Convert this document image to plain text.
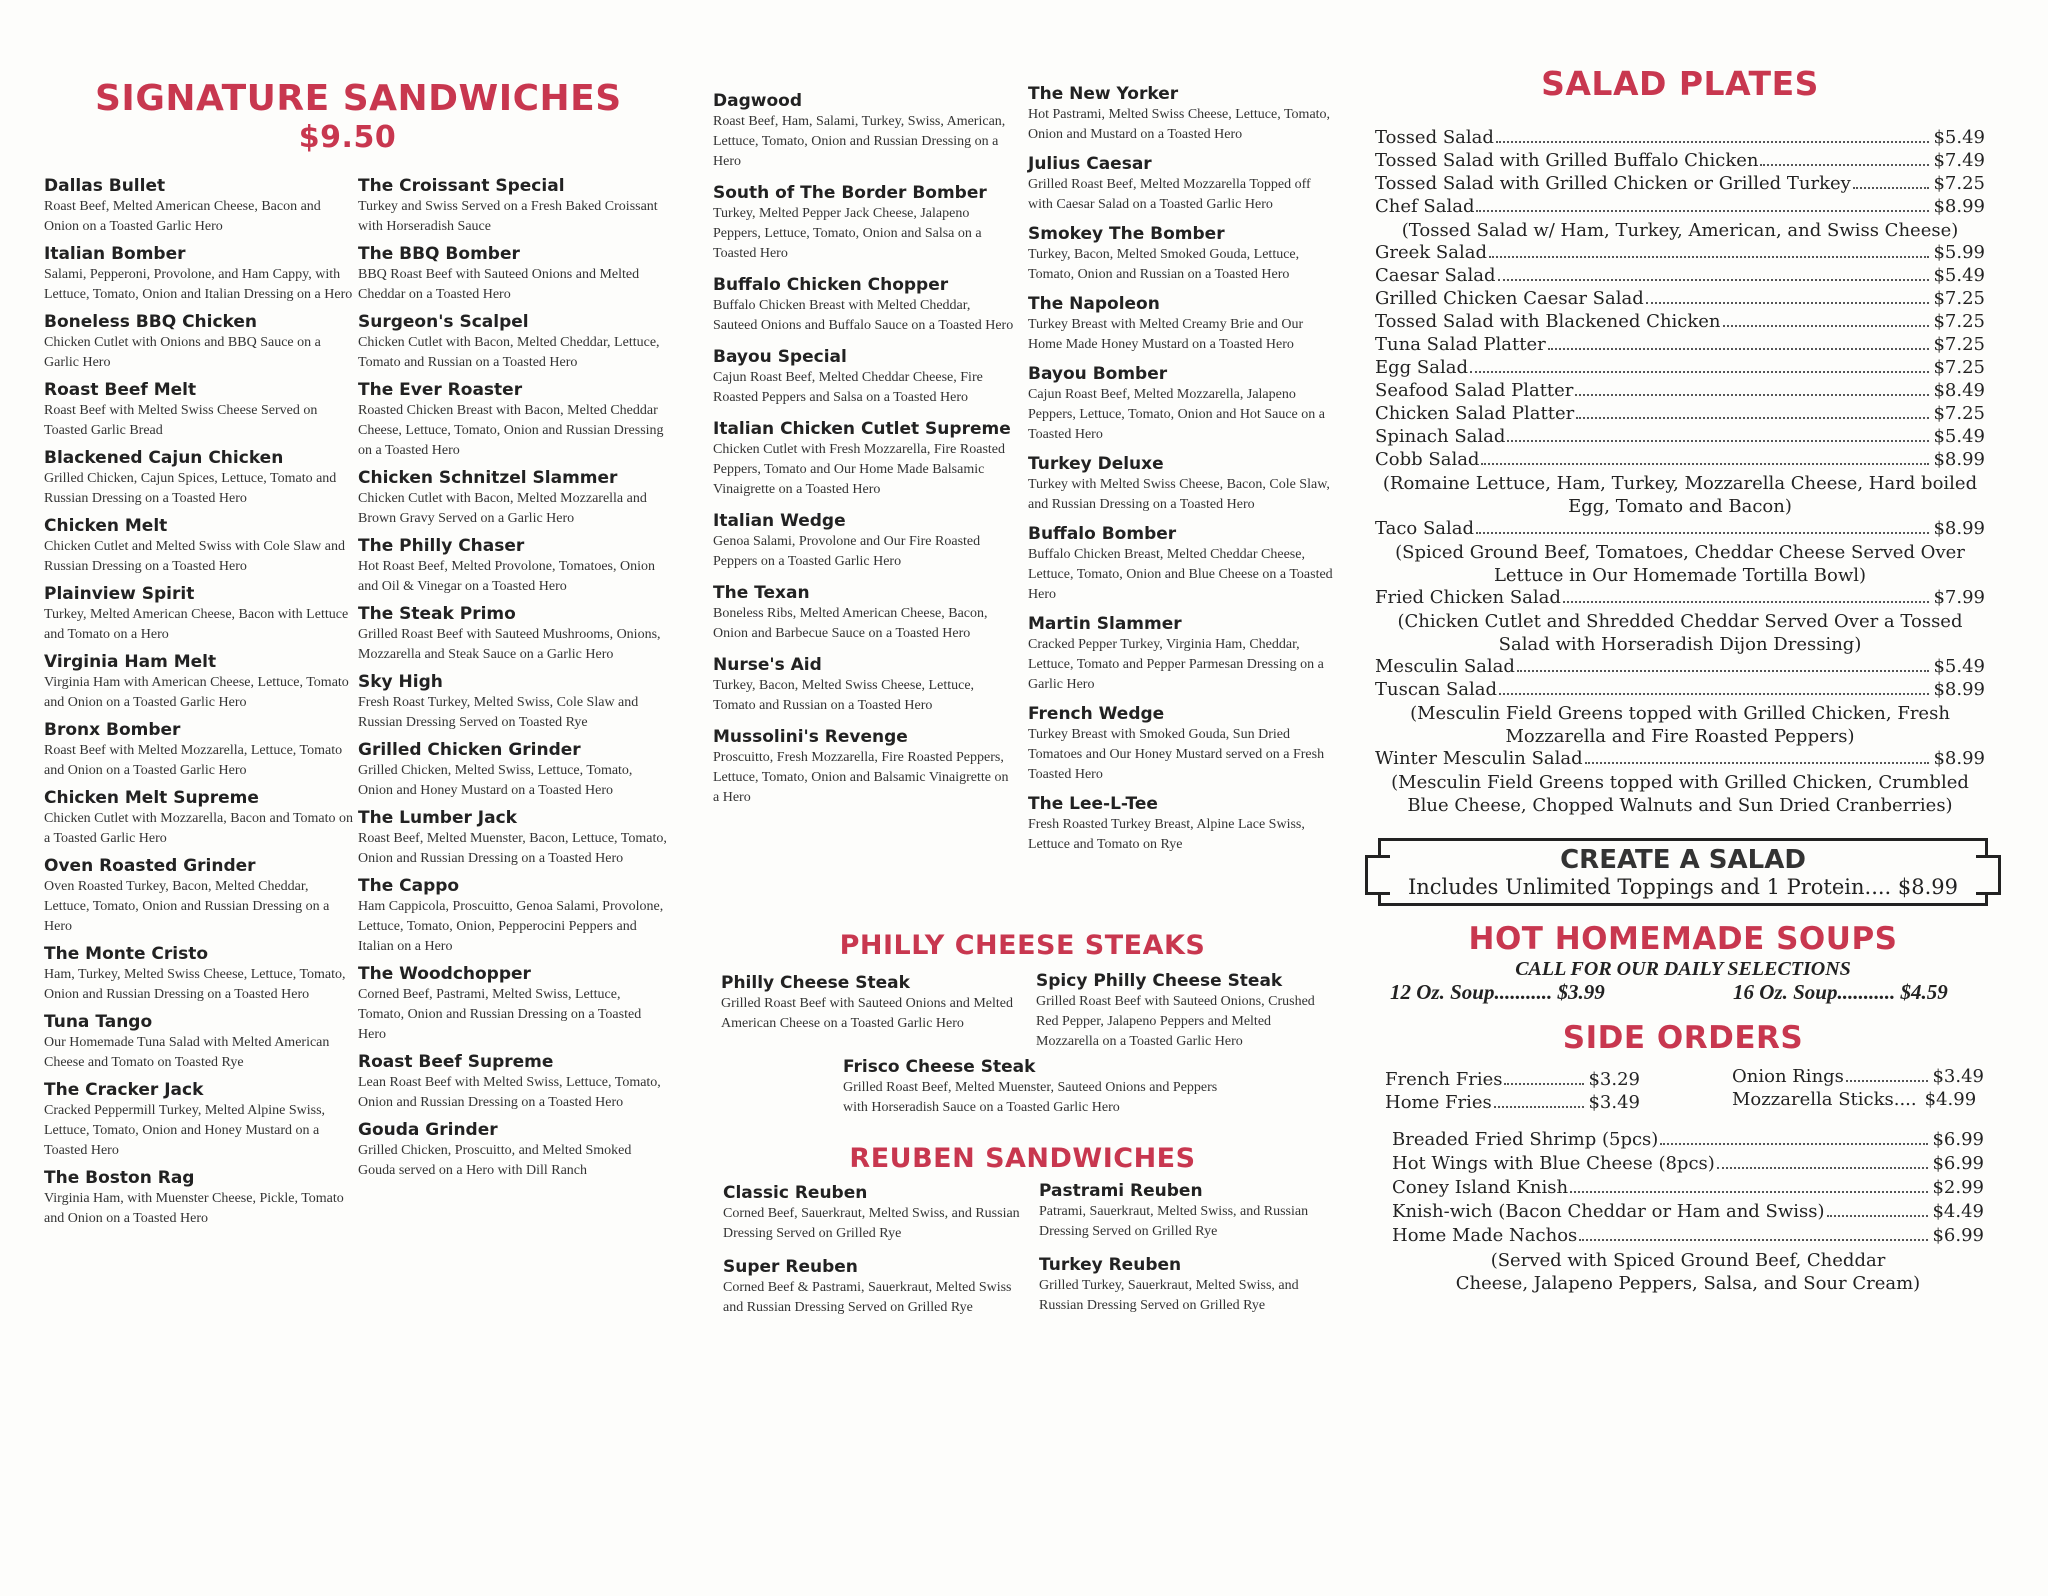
SIGNATURE SANDWICHES
$9.50
Dallas Bullet
Roast Beef, Melted American Cheese, Bacon and Onion on a Toasted Garlic Hero
Italian Bomber
Salami, Pepperoni, Provolone, and Ham Cappy, with Lettuce, Tomato, Onion and Italian Dressing on a Hero
Boneless BBQ Chicken
Chicken Cutlet with Onions and BBQ Sauce on a Garlic Hero
Roast Beef Melt
Roast Beef with Melted Swiss Cheese Served on Toasted Garlic Bread
Blackened Cajun Chicken
Grilled Chicken, Cajun Spices, Lettuce, Tomato and Russian Dressing on a Toasted Hero
Chicken Melt
Chicken Cutlet and Melted Swiss with Cole Slaw and Russian Dressing on a Toasted Hero
Plainview Spirit
Turkey, Melted American Cheese, Bacon with Lettuce and Tomato on a Hero
Virginia Ham Melt
Virginia Ham with American Cheese, Lettuce, Tomato and Onion on a Toasted Garlic Hero
Bronx Bomber
Roast Beef with Melted Mozzarella, Lettuce, Tomato and Onion on a Toasted Garlic Hero
Chicken Melt Supreme
Chicken Cutlet with Mozzarella, Bacon and Tomato on a Toasted Garlic Hero
Oven Roasted Grinder
Oven Roasted Turkey, Bacon, Melted Cheddar, Lettuce, Tomato, Onion and Russian Dressing on a Hero
The Monte Cristo
Ham, Turkey, Melted Swiss Cheese, Lettuce, Tomato, Onion and Russian Dressing on a Toasted Hero
Tuna Tango
Our Homemade Tuna Salad with Melted American Cheese and Tomato on Toasted Rye
The Cracker Jack
Cracked Peppermill Turkey, Melted Alpine Swiss, Lettuce, Tomato, Onion and Honey Mustard on a Toasted Hero
The Boston Rag
Virginia Ham, with Muenster Cheese, Pickle, Tomato and Onion on a Toasted Hero
The Croissant Special
Turkey and Swiss Served on a Fresh Baked Croissant with Horseradish Sauce
The BBQ Bomber
BBQ Roast Beef with Sauteed Onions and Melted Cheddar on a Toasted Hero
Surgeon's Scalpel
Chicken Cutlet with Bacon, Melted Cheddar, Lettuce, Tomato and Russian on a Toasted Hero
The Ever Roaster
Roasted Chicken Breast with Bacon, Melted Cheddar Cheese, Lettuce, Tomato, Onion and Russian Dressing on a Toasted Hero
Chicken Schnitzel Slammer
Chicken Cutlet with Bacon, Melted Mozzarella and Brown Gravy Served on a Garlic Hero
The Philly Chaser
Hot Roast Beef, Melted Provolone, Tomatoes, Onion and Oil & Vinegar on a Toasted Hero
The Steak Primo
Grilled Roast Beef with Sauteed Mushrooms, Onions, Mozzarella and Steak Sauce on a Garlic Hero
Sky High
Fresh Roast Turkey, Melted Swiss, Cole Slaw and Russian Dressing Served on Toasted Rye
Grilled Chicken Grinder
Grilled Chicken, Melted Swiss, Lettuce, Tomato, Onion and Honey Mustard on a Toasted Hero
The Lumber Jack
Roast Beef, Melted Muenster, Bacon, Lettuce, Tomato, Onion and Russian Dressing on a Toasted Hero
The Cappo
Ham Cappicola, Proscuitto, Genoa Salami, Provolone, Lettuce, Tomato, Onion, Pepperocini Peppers and Italian on a Hero
The Woodchopper
Corned Beef, Pastrami, Melted Swiss, Lettuce, Tomato, Onion and Russian Dressing on a Toasted Hero
Roast Beef Supreme
Lean Roast Beef with Melted Swiss, Lettuce, Tomato, Onion and Russian Dressing on a Toasted Hero
Gouda Grinder
Grilled Chicken, Proscuitto, and Melted Smoked Gouda served on a Hero with Dill Ranch
Dagwood
Roast Beef, Ham, Salami, Turkey, Swiss, American, Lettuce, Tomato, Onion and Russian Dressing on a Hero
South of The Border Bomber
Turkey, Melted Pepper Jack Cheese, Jalapeno Peppers, Lettuce, Tomato, Onion and Salsa on a Toasted Hero
Buffalo Chicken Chopper
Buffalo Chicken Breast with Melted Cheddar, Sauteed Onions and Buffalo Sauce on a Toasted Hero
Bayou Special
Cajun Roast Beef, Melted Cheddar Cheese, Fire Roasted Peppers and Salsa on a Toasted Hero
Italian Chicken Cutlet Supreme
Chicken Cutlet with Fresh Mozzarella, Fire Roasted Peppers, Tomato and Our Home Made Balsamic Vinaigrette on a Toasted Hero
Italian Wedge
Genoa Salami, Provolone and Our Fire Roasted Peppers on a Toasted Garlic Hero
The Texan
Boneless Ribs, Melted American Cheese, Bacon, Onion and Barbecue Sauce on a Toasted Hero
Nurse's Aid
Turkey, Bacon, Melted Swiss Cheese, Lettuce, Tomato and Russian on a Toasted Hero
Mussolini's Revenge
Proscuitto, Fresh Mozzarella, Fire Roasted Peppers, Lettuce, Tomato, Onion and Balsamic Vinaigrette on a Hero
The New Yorker
Hot Pastrami, Melted Swiss Cheese, Lettuce, Tomato, Onion and Mustard on a Toasted Hero
Julius Caesar
Grilled Roast Beef, Melted Mozzarella Topped off with Caesar Salad on a Toasted Garlic Hero
Smokey The Bomber
Turkey, Bacon, Melted Smoked Gouda, Lettuce, Tomato, Onion and Russian on a Toasted Hero
The Napoleon
Turkey Breast with Melted Creamy Brie and Our Home Made Honey Mustard on a Toasted Hero
Bayou Bomber
Cajun Roast Beef, Melted Mozzarella, Jalapeno Peppers, Lettuce, Tomato, Onion and Hot Sauce on a Toasted Hero
Turkey Deluxe
Turkey with Melted Swiss Cheese, Bacon, Cole Slaw, and Russian Dressing on a Toasted Hero
Buffalo Bomber
Buffalo Chicken Breast, Melted Cheddar Cheese, Lettuce, Tomato, Onion and Blue Cheese on a Toasted Hero
Martin Slammer
Cracked Pepper Turkey, Virginia Ham, Cheddar, Lettuce, Tomato and Pepper Parmesan Dressing on a Garlic Hero
French Wedge
Turkey Breast with Smoked Gouda, Sun Dried Tomatoes and Our Honey Mustard served on a Fresh Toasted Hero
The Lee-L-Tee
Fresh Roasted Turkey Breast, Alpine Lace Swiss, Lettuce and Tomato on Rye
PHILLY CHEESE STEAKS
Philly Cheese Steak
Grilled Roast Beef with Sauteed Onions and Melted American Cheese on a Toasted Garlic Hero
Spicy Philly Cheese Steak
Grilled Roast Beef with Sauteed Onions, Crushed Red Pepper, Jalapeno Peppers and Melted Mozzarella on a Toasted Garlic Hero
Frisco Cheese Steak
Grilled Roast Beef, Melted Muenster, Sauteed Onions and Peppers with Horseradish Sauce on a Toasted Garlic Hero
REUBEN SANDWICHES
Classic Reuben
Corned Beef, Sauerkraut, Melted Swiss, and Russian Dressing Served on Grilled Rye
Pastrami Reuben
Patrami, Sauerkraut, Melted Swiss, and Russian Dressing Served on Grilled Rye
Super Reuben
Corned Beef & Pastrami, Sauerkraut, Melted Swiss and Russian Dressing Served on Grilled Rye
Turkey Reuben
Grilled Turkey, Sauerkraut, Melted Swiss, and Russian Dressing Served on Grilled Rye
SALAD PLATES
Tossed Salad	$5.49
Tossed Salad with Grilled Buffalo Chicken	$7.49
Tossed Salad with Grilled Chicken or Grilled Turkey	$7.25
Chef Salad	$8.99
(Tossed Salad w/ Ham, Turkey, American, and Swiss Cheese)
Greek Salad	$5.99
Caesar Salad	$5.49
Grilled Chicken Caesar Salad	$7.25
Tossed Salad with Blackened Chicken	$7.25
Tuna Salad Platter	$7.25
Egg Salad	$7.25
Seafood Salad Platter	$8.49
Chicken Salad Platter	$7.25
Spinach Salad	$5.49
Cobb Salad	$8.99
(Romaine Lettuce, Ham, Turkey, Mozzarella Cheese, Hard boiled Egg, Tomato and Bacon)
Taco Salad	$8.99
(Spiced Ground Beef, Tomatoes, Cheddar Cheese Served Over Lettuce in Our Homemade Tortilla Bowl)
Fried Chicken Salad	$7.99
(Chicken Cutlet and Shredded Cheddar Served Over a Tossed Salad with Horseradish Dijon Dressing)
Mesculin Salad	$5.49
Tuscan Salad	$8.99
(Mesculin Field Greens topped with Grilled Chicken, Fresh Mozzarella and Fire Roasted Peppers)
Winter Mesculin Salad	$8.99
(Mesculin Field Greens topped with Grilled Chicken, Crumbled Blue Cheese, Chopped Walnuts and Sun Dried Cranberries)
CREATE A SALAD
Includes Unlimited Toppings and 1 Protein.... $8.99
HOT HOMEMADE SOUPS
CALL FOR OUR DAILY SELECTIONS
12 Oz. Soup........... $3.99	16 Oz. Soup........... $4.59
SIDE ORDERS
French Fries	$3.29
Home Fries	$3.49
Onion Rings	$3.49
Mozzarella Sticks.... $4.99
Breaded Fried Shrimp (5pcs)	$6.99
Hot Wings with Blue Cheese (8pcs)	$6.99
Coney Island Knish	$2.99
Knish-wich (Bacon Cheddar or Ham and Swiss)	$4.49
Home Made Nachos	$6.99
(Served with Spiced Ground Beef, Cheddar Cheese, Jalapeno Peppers, Salsa, and Sour Cream)
